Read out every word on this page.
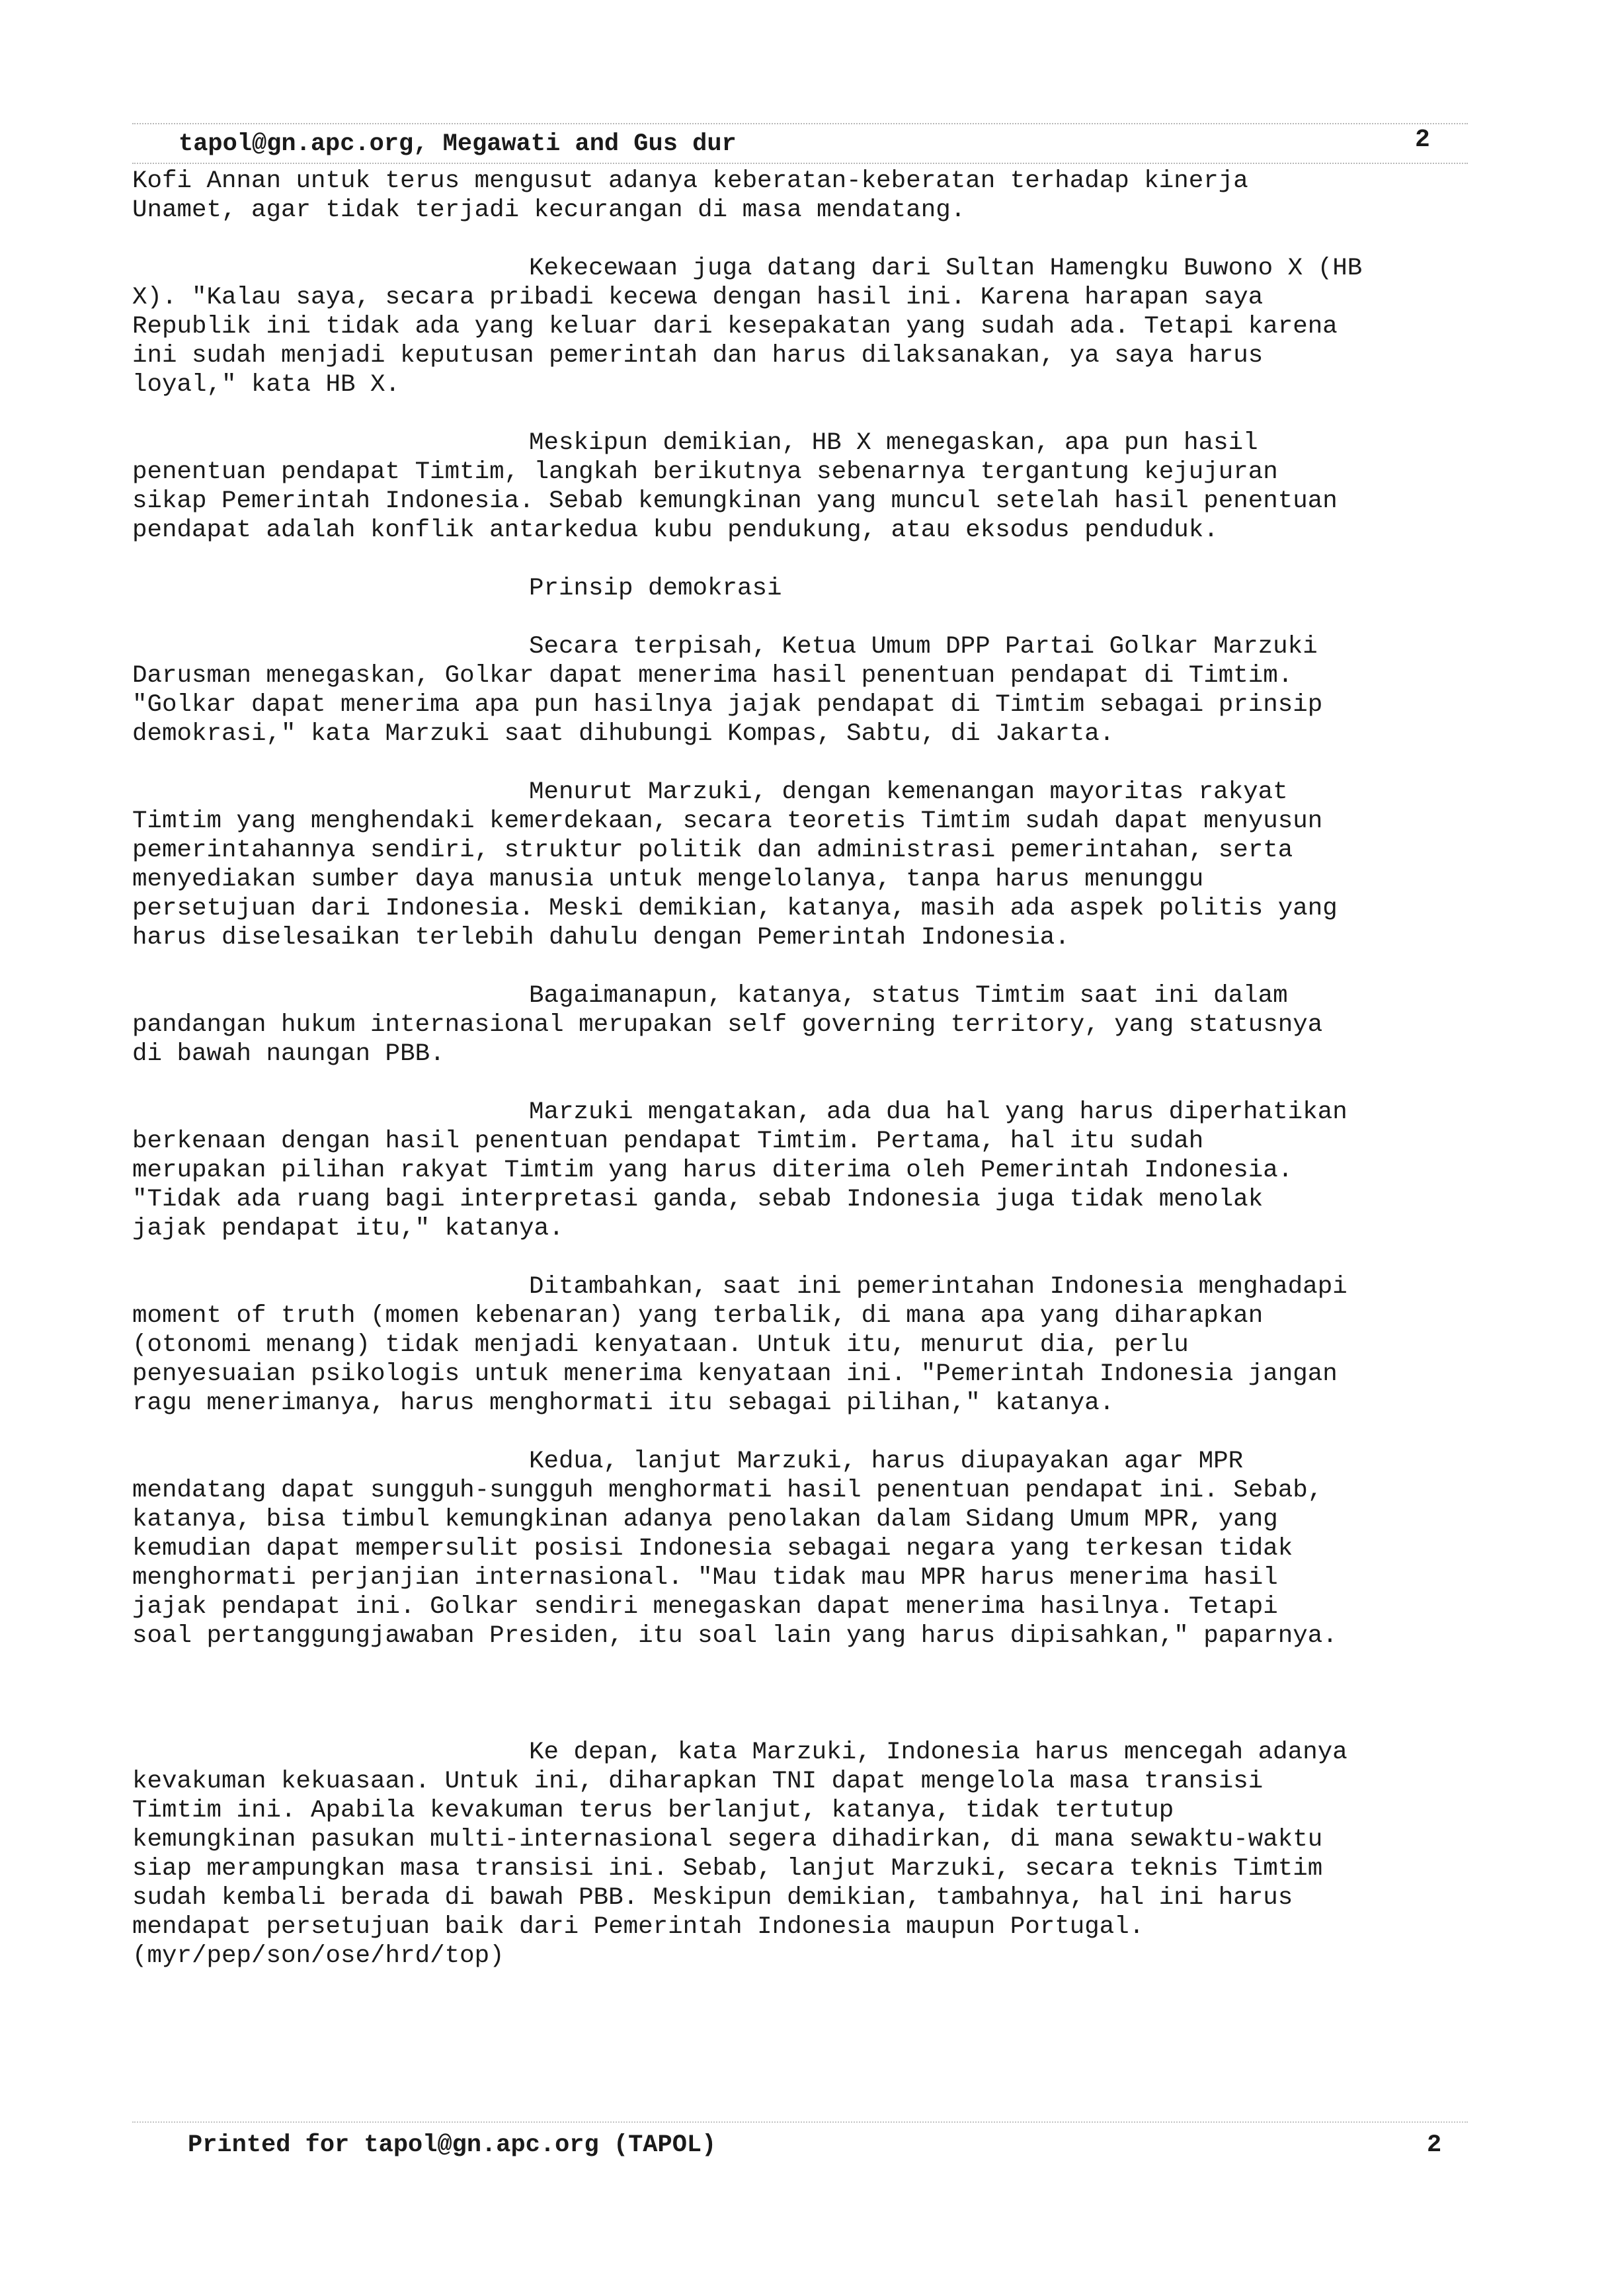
tapol@gn.apc.org, Megawati and Gus dur	2
Kofi Annan untuk terus mengusut adanya keberatan-keberatan terhadap kinerja
Unamet, agar tidak terjadi kecurangan di masa mendatang.
Kekecewaan juga datang dari Sultan Hamengku Buwono X (HB
X). "Kalau saya, secara pribadi kecewa dengan hasil ini. Karena harapan saya
Republik ini tidak ada yang keluar dari kesepakatan yang sudah ada. Tetapi karena
ini sudah menjadi keputusan pemerintah dan harus dilaksanakan, ya saya harus
loyal," kata HB X.
Meskipun demikian, HB X menegaskan, apa pun hasil
penentuan pendapat Timtim, langkah berikutnya sebenarnya tergantung kejujuran
sikap Pemerintah Indonesia. Sebab kemungkinan yang muncul setelah hasil penentuan
pendapat adalah konflik antarkedua kubu pendukung, atau eksodus penduduk.
Prinsip demokrasi
Secara terpisah, Ketua Umum DPP Partai Golkar Marzuki
Darusman menegaskan, Golkar dapat menerima hasil penentuan pendapat di Timtim.
"Golkar dapat menerima apa pun hasilnya jajak pendapat di Timtim sebagai prinsip
demokrasi," kata Marzuki saat dihubungi Kompas, Sabtu, di Jakarta.
Menurut Marzuki, dengan kemenangan mayoritas rakyat
Timtim yang menghendaki kemerdekaan, secara teoretis Timtim sudah dapat menyusun
pemerintahannya sendiri, struktur politik dan administrasi pemerintahan, serta
menyediakan sumber daya manusia untuk mengelolanya, tanpa harus menunggu
persetujuan dari Indonesia. Meski demikian, katanya, masih ada aspek politis yang
harus diselesaikan terlebih dahulu dengan Pemerintah Indonesia.
Bagaimanapun, katanya, status Timtim saat ini dalam
pandangan hukum internasional merupakan self governing territory, yang statusnya
di bawah naungan PBB.
Marzuki mengatakan, ada dua hal yang harus diperhatikan
berkenaan dengan hasil penentuan pendapat Timtim. Pertama, hal itu sudah
merupakan pilihan rakyat Timtim yang harus diterima oleh Pemerintah Indonesia.
"Tidak ada ruang bagi interpretasi ganda, sebab Indonesia juga tidak menolak
jajak pendapat itu," katanya.
Ditambahkan, saat ini pemerintahan Indonesia menghadapi
moment of truth (momen kebenaran) yang terbalik, di mana apa yang diharapkan
(otonomi menang) tidak menjadi kenyataan. Untuk itu, menurut dia, perlu
penyesuaian psikologis untuk menerima kenyataan ini. "Pemerintah Indonesia jangan
ragu menerimanya, harus menghormati itu sebagai pilihan," katanya.
Kedua, lanjut Marzuki, harus diupayakan agar MPR
mendatang dapat sungguh-sungguh menghormati hasil penentuan pendapat ini. Sebab,
katanya, bisa timbul kemungkinan adanya penolakan dalam Sidang Umum MPR, yang
kemudian dapat mempersulit posisi Indonesia sebagai negara yang terkesan tidak
menghormati perjanjian internasional. "Mau tidak mau MPR harus menerima hasil
jajak pendapat ini. Golkar sendiri menegaskan dapat menerima hasilnya. Tetapi
soal pertanggungjawaban Presiden, itu soal lain yang harus dipisahkan," paparnya.
Ke depan, kata Marzuki, Indonesia harus mencegah adanya
kevakuman kekuasaan. Untuk ini, diharapkan TNI dapat mengelola masa transisi
Timtim ini. Apabila kevakuman terus berlanjut, katanya, tidak tertutup
kemungkinan pasukan multi-internasional segera dihadirkan, di mana sewaktu-waktu
siap merampungkan masa transisi ini. Sebab, lanjut Marzuki, secara teknis Timtim
sudah kembali berada di bawah PBB. Meskipun demikian, tambahnya, hal ini harus
mendapat persetujuan baik dari Pemerintah Indonesia maupun Portugal.
(myr/pep/son/ose/hrd/top)
Printed for tapol@gn.apc.org (TAPOL)	2
